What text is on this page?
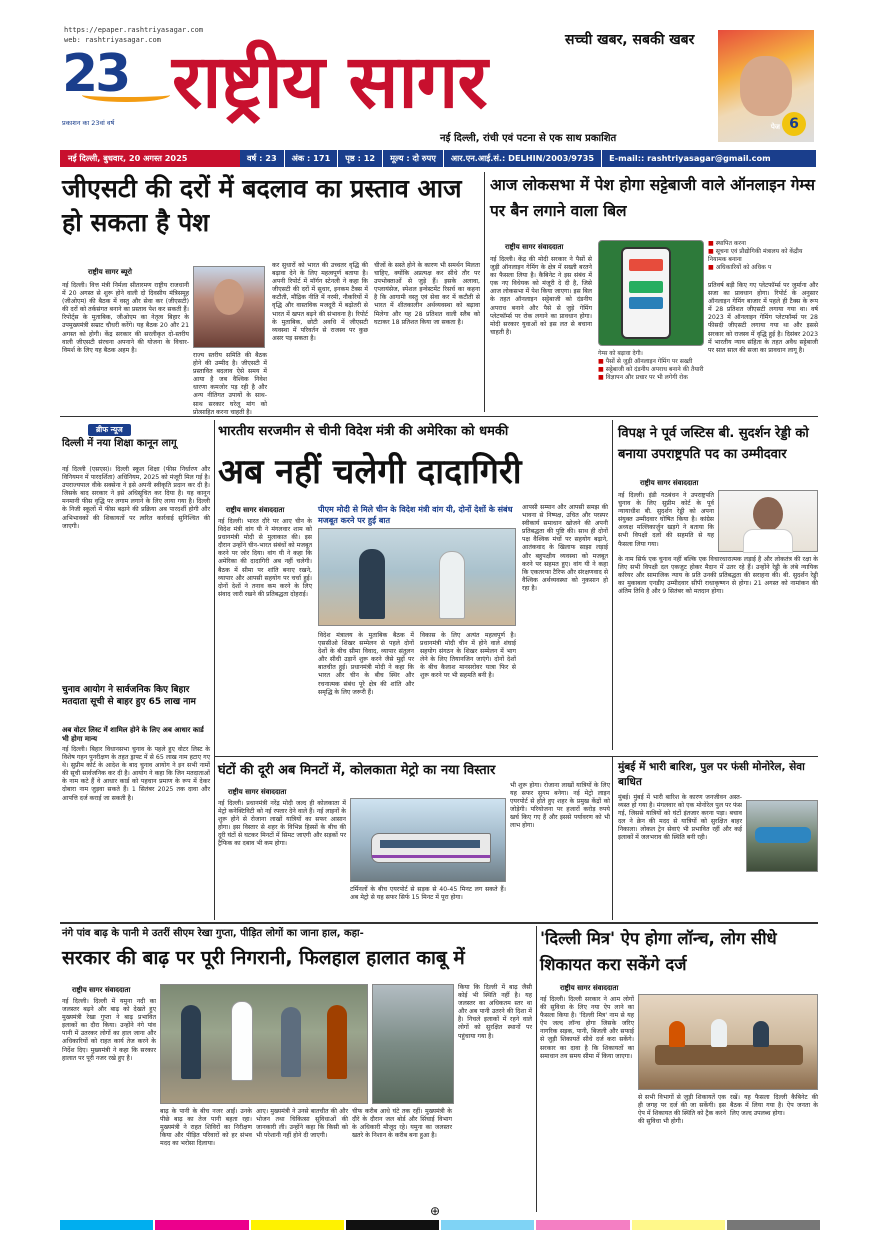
⊕
https://epaper.rashtriyasagar.com
web: rashtriyasagar.com
23
प्रकाशन का 23वां वर्ष राष्ट्रीय सागर	सच्ची खबर, सबकी खबर
नई दिल्ली, रांची एवं पटना से एक साथ प्रकाशित
6
पेज
नई दिल्ली, बुधवार, 20 अगस्त 2025	वर्ष : 23	अंक : 171	पृष्ठ : 12	मूल्य : दो रुपए	आर.एन.आई.सं.: DELHIN/2003/9735	E-mail:: rashtriyasagar@gmail.com
जीएसटी की दरों में बदलाव का प्रस्ताव आज हो सकता है पेश
राष्ट्रीय सागर ब्यूरो
नई दिल्ली। वित्त मंत्री निर्मला सीतारमण राष्ट्रीय राजधानी में 20 अगस्त से शुरू होने वाली दो दिवसीय मंत्रिसमूह (जीओएम) की बैठक में वस्तु और सेवा कर (जीएसटी) की दरों को तर्कसंगत बनाने का प्रस्ताव पेश कर सकती हैं। रिपोर्ट्स के मुताबिक, जीओएम का नेतृत्व बिहार के उपमुख्यमंत्री सम्राट चौधरी करेंगे। यह बैठक 20 और 21 अगस्त को होगी। केंद्र सरकार की सरलीकृत दो-स्तरीय वाली जीएसटी संरचना अपनाने की योजना के विचार-विमर्श के लिए यह बैठक अहम है।
राज्य स्तरीय समिति की बैठक होने की उम्मीद है। जीएसटी में प्रस्तावित बदलाव ऐसे समय में आया है जब वैश्विक निवेश धारणा कमजोर पड़ रही है और अन्य नीतिगत उपायों के साथ-साथ सरकार घरेलू मांग को प्रोत्साहित करना चाहती है।
कर सुधारों को भारत की उच्चतर वृद्धि की बढ़ावा देने के लिए महत्वपूर्ण बताया है। अपनी रिपोर्ट में मॉर्गन स्टेनली ने कहा कि जीएसटी की दरों में सुधार, इनकम टैक्स में कटौती, मौद्रिक नीति में नरमी, नौकरियों में वृद्धि और वास्तविक मजदूरी में बढ़ोतरी से भारत में खपत बढ़ने की संभावना है। रिपोर्ट के मुताबिक, छोटी अवधि में जीएसटी व्यवस्था में परिवर्तन से राजस्व पर कुछ असर पड़ सकता है।
चीजों के सस्ते होने के कारण भी समर्थन मिलता चाहिए, क्योंकि अप्रत्यक्ष कर सीधे तौर पर उपभोक्ताओं से जुड़े हैं। इसके अलावा, एप्लायंसेज, स्पेशल इन्वेस्टमेंट रिसर्च का कहना है कि आगामी वस्तु एवं सेवा कर में कटौती से भारत में शीतकालीन अर्थव्यवस्था को बढ़ावा मिलेगा और यह 28 प्रतिशत वाली स्लैब को घटाकर 18 प्रतिशत किया जा सकता है।
आज लोकसभा में पेश होगा सट्टेबाजी वाले ऑनलाइन गेम्स पर बैन लगाने वाला बिल
राष्ट्रीय सागर संवाददाता
नई दिल्ली। केंद्र की मोदी सरकार ने पैसों से जुड़ी ऑनलाइन गेमिंग के क्षेत्र में सख्ती बरतने का फैसला लिया है। कैबिनेट ने इस संबंध में एक नए विधेयक को मंजूरी दे दी है, जिसे आज लोकसभा में पेश किया जाएगा। इस बिल के तहत ऑनलाइन सट्टेबाजी को दंडनीय अपराध बनाने और पैसे से जुड़े गेमिंग प्लेटफॉर्म्स पर रोक लगाने का प्रावधान होगा। मोदी सरकार युवाओं को इस लत से बचाना चाहती है।
गेम्स को बढ़ावा देगी।
■ पैसों से जुड़ी ऑनलाइन गेमिंग पर सख्ती
■ सट्टेबाजी को दंडनीय अपराध बनाने की तैयारी
■ विज्ञापन और प्रचार पर भी लगेगी रोक
■ स्थापित करना
■ सूचना एवं प्रौद्योगिकी मंत्रालय को केंद्रीय नियामक बनाना
■ अधिकारियों को अधिक प
प्रतिवर्ष बड़ी किए गए प्लेटफॉर्म्स पर जुर्माना और सजा का प्रावधान होगा। रिपोर्ट के अनुसार ऑनलाइन गेमिंग बाजार में पहले ही टैक्स के रूप में 28 प्रतिशत जीएसटी लगाया गया था। वर्ष 2023 में ऑनलाइन गेमिंग प्लेटफॉर्म्स पर 28 फीसदी जीएसटी लगाया गया था और इससे सरकार को राजस्व में वृद्धि हुई है। दिसंबर 2023 में भारतीय न्याय संहिता के तहत अवैध सट्टेबाजी पर सात साल की सजा का प्रावधान लागू है।
ब्रीफ न्यूज
दिल्ली में नया शिक्षा कानून लागू
नई दिल्ली (एसएस)। दिल्ली स्कूल शिक्षा (फीस निर्धारण और विनियमन में पारदर्शिता) अधिनियम, 2025 को मंजूरी मिल गई है। उपराज्यपाल वीके सक्सेना ने इसे अपनी स्वीकृति प्रदान कर दी है। जिसके बाद सरकार ने इसे अधिसूचित कर दिया है। यह कानून मनमानी फीस वृद्धि पर लगाम लगाने के लिए लाया गया है। दिल्ली के निजी स्कूलों में फीस बढ़ाने की प्रक्रिया अब पारदर्शी होगी और अभिभावकों की शिकायतों पर त्वरित कार्रवाई सुनिश्चित की जाएगी।
चुनाव आयोग ने सार्वजनिक किए बिहार मतदाता सूची से बाहर हुए 65 लाख नाम
अब वोटर लिस्ट में शामिल होने के लिए अब आधार कार्ड भी होगा मान्य
नई दिल्ली। बिहार विधानसभा चुनाव के पहले हुए वोटर लिस्ट के विशेष गहन पुनरीक्षण के तहत ड्राफ्ट में से 65 लाख नाम हटाए गए थे। सुप्रीम कोर्ट के आदेश के बाद चुनाव आयोग ने इन सभी नामों की सूची सार्वजनिक कर दी है। आयोग ने कहा कि जिन मतदाताओं के नाम कटे हैं वे आधार कार्ड को पहचान प्रमाण के रूप में देकर दोबारा नाम जुड़वा सकते हैं। 1 सितंबर 2025 तक दावा और आपत्ति दर्ज कराई जा सकती है।
भारतीय सरजमीन से चीनी विदेश मंत्री की अमेरिका को धमकी
अब नहीं चलेगी दादागिरी
राष्ट्रीय सागर संवाददाता
नई दिल्ली। भारत दौरे पर आए चीन के विदेश मंत्री वांग यी ने मंगलवार शाम को प्रधानमंत्री मोदी से मुलाकात की। इस दौरान उन्होंने चीन-भारत संबंधों को मजबूत करने पर जोर दिया। वांग यी ने कहा कि अमेरिका की दादागिरी अब नहीं चलेगी। बैठक में सीमा पर शांति बनाए रखने, व्यापार और आपसी सहयोग पर चर्चा हुई। दोनों देशों ने तनाव कम करने के लिए संवाद जारी रखने की प्रतिबद्धता दोहराई।
पीएम मोदी से मिले चीन के विदेश मंत्री वांग यी, दोनों देशों के संबंध मजबूत करने पर हुई बात
विदेश मंत्रालय के मुताबिक बैठक में एससीओ शिखर सम्मेलन से पहले दोनों देशों के बीच सीमा विवाद, व्यापार संतुलन और सीधी उड़ानें शुरू करने जैसे मुद्दों पर बातचीत हुई। प्रधानमंत्री मोदी ने कहा कि भारत और चीन के बीच स्थिर और रचनात्मक संबंध पूरे क्षेत्र की शांति और समृद्धि के लिए जरूरी हैं।
विकास के लिए अत्यंत महत्वपूर्ण है। प्रधानमंत्री मोदी चीन में होने वाले शंघाई सहयोग संगठन के शिखर सम्मेलन में भाग लेने के लिए तियानजिन जाएंगे। दोनों देशों के बीच कैलाश मानसरोवर यात्रा फिर से शुरू करने पर भी सहमति बनी है।
आपसी सम्मान और आपसी समझ की भावना से निष्पक्ष, उचित और परस्पर स्वीकार्य समाधान खोजने की अपनी प्रतिबद्धता की पुष्टि की। साथ ही दोनों पक्ष वैश्विक मंचों पर सहयोग बढ़ाने, आतंकवाद के खिलाफ साझा लड़ाई और बहुपक्षीय व्यवस्था को मजबूत करने पर सहमत हुए। वांग यी ने कहा कि एकतरफा टैरिफ और संरक्षणवाद से वैश्विक अर्थव्यवस्था को नुकसान हो रहा है।
विपक्ष ने पूर्व जस्टिस बी. सुदर्शन रेड्डी को बनाया उपराष्ट्रपति पद का उम्मीदवार
राष्ट्रीय सागर संवाददाता
नई दिल्ली। इंडी गठबंधन ने उपराष्ट्रपति चुनाव के लिए सुप्रीम कोर्ट के पूर्व न्यायाधीश बी. सुदर्शन रेड्डी को अपना संयुक्त उम्मीदवार घोषित किया है। कांग्रेस अध्यक्ष मल्लिकार्जुन खड़गे ने बताया कि सभी विपक्षी दलों की सहमति से यह फैसला लिया गया।
के नाम सिर्फ एक चुनाव नहीं बल्कि एक विचारधारात्मक लड़ाई है और लोकतंत्र की रक्षा के लिए सभी विपक्षी दल एकजुट होकर मैदान में उतर रहे हैं। उन्होंने रेड्डी के लंबे न्यायिक करियर और सामाजिक न्याय के प्रति उनकी प्रतिबद्धता की सराहना की। बी. सुदर्शन रेड्डी का मुकाबला एनडीए उम्मीदवार सीपी राधाकृष्णन से होगा। 21 अगस्त को नामांकन की अंतिम तिथि है और 9 सितंबर को मतदान होगा।
घंटों की दूरी अब मिनटों में, कोलकाता मेट्रो का नया विस्तार
राष्ट्रीय सागर संवाददाता
नई दिल्ली। प्रधानमंत्री नरेंद्र मोदी जल्द ही कोलकाता में मेट्रो कनेक्टिविटी को नई रफ्तार देने वाले हैं। नई लाइनों के शुरू होने से रोजाना लाखों यात्रियों का सफर आसान होगा। इस विस्तार से शहर के विभिन्न हिस्सों के बीच की दूरी घंटों से घटकर मिनटों में सिमट जाएगी और सड़कों पर ट्रैफिक का दबाव भी कम होगा।
टर्मिनलों के बीच एयरपोर्ट से सड़क से 40-45 मिनट लग सकते हैं। अब मेट्रो से यह सफर सिर्फ 15 मिनट में पूरा होगा।
भी शुरू होगा। रोजाना लाखों यात्रियों के लिए यह सफर सुगम बनेगा। नई मेट्रो लाइन एयरपोर्ट से होते हुए शहर के प्रमुख केंद्रों को जोड़ेगी। परियोजना पर हजारों करोड़ रुपये खर्च किए गए हैं और इससे पर्यावरण को भी लाभ होगा।
मुंबई में भारी बारिश, पुल पर फंसी मोनोरेल, सेवा बाधित
मुंबई। मुंबई में भारी बारिश के कारण जनजीवन अस्त-व्यस्त हो गया है। मंगलवार को एक मोनोरेल पुल पर फंस गई, जिससे यात्रियों को घंटों इंतजार करना पड़ा। बचाव दल ने क्रेन की मदद से यात्रियों को सुरक्षित बाहर निकाला। लोकल ट्रेन सेवाएं भी प्रभावित रहीं और कई इलाकों में जलभराव की स्थिति बनी रही।
नंगे पांव बाढ़ के पानी मे उतरीं सीएम रेखा गुप्ता, पीड़ित लोगों का जाना हाल, कहा-
सरकार की बाढ़ पर पूरी निगरानी, फिलहाल हालात काबू में
राष्ट्रीय सागर संवाददाता
नई दिल्ली। दिल्ली में यमुना नदी का जलस्तर बढ़ने और बाढ़ को देखते हुए मुख्यमंत्री रेखा गुप्ता ने बाढ़ प्रभावित इलाकों का दौरा किया। उन्होंने नंगे पांव पानी में उतरकर लोगों का हाल जाना और अधिकारियों को राहत कार्य तेज करने के निर्देश दिए। मुख्यमंत्री ने कहा कि सरकार हालात पर पूरी नजर रखे हुए है।
बाढ़ के पानी के बीच नजर आईं। उनके पीछे बाढ़ का तेज पानी बहता रहा। मुख्यमंत्री ने राहत शिविरों का निरीक्षण किया और पीड़ित परिवारों को हर संभव मदद का भरोसा दिलाया।
आए। मुख्यमंत्री ने उनसे बातचीत की और भोजन तथा चिकित्सा सुविधाओं की जानकारी ली। उन्होंने कहा कि किसी को भी परेशानी नहीं होने दी जाएगी।
चीफ करीब आधे घंटे तक रहीं। मुख्यमंत्री के दौरे के दौरान जल बोर्ड और सिंचाई विभाग के अधिकारी मौजूद रहे। यमुना का जलस्तर खतरे के निशान के करीब बना हुआ है।
किया कि दिल्ली में बाढ़ जैसी कोई भी स्थिति नहीं है। यह जलस्तर का अधिकतम स्तर था और अब पानी उतरने की दिशा में है। निचले इलाकों में रहने वाले लोगों को सुरक्षित स्थानों पर पहुंचाया गया है।
'दिल्ली मित्र' ऐप होगा लॉन्च, लोग सीधे शिकायत करा सकेंगे दर्ज
राष्ट्रीय सागर संवाददाता
नई दिल्ली। दिल्ली सरकार ने आम लोगों की सुविधा के लिए नया ऐप लाने का फैसला किया है। 'दिल्ली मित्र' नाम से यह ऐप जल्द लॉन्च होगा जिसके जरिए नागरिक सड़क, पानी, बिजली और सफाई से जुड़ी शिकायतें सीधे दर्ज करा सकेंगे। सरकार का दावा है कि शिकायतों का समाधान तय समय सीमा में किया जाएगा।
से सभी विभागों से जुड़ी शिकायतें एक ही जगह पर दर्ज की जा सकेंगी। इस ऐप में शिकायत की स्थिति को ट्रैक करने की सुविधा भी होगी।
रखें। यह फैसला दिल्ली कैबिनेट की बैठक में लिया गया है। ऐप जनता के लिए जल्द उपलब्ध होगा।
